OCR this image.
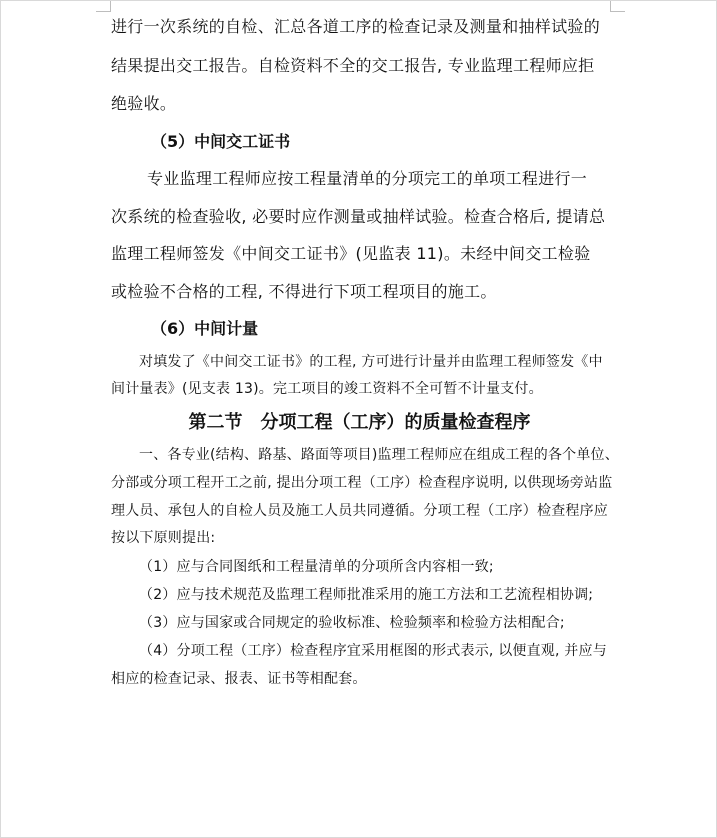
进行一次系统的自检、汇总各道工序的检查记录及测量和抽样试验的

结果提出交工报告。自检资料不全的交工报告, 专业监理工程师应拒

绝验收。

（5）中间交工证书

专业监理工程师应按工程量清单的分项完工的单项工程进行一

次系统的检查验收, 必要时应作测量或抽样试验。检查合格后, 提请总

监理工程师签发《中间交工证书》(见监表 11)。未经中间交工检验

或检验不合格的工程, 不得进行下项工程项目的施工。

（6）中间计量

对填发了《中间交工证书》的工程, 方可进行计量并由监理工程师签发《中

间计量表》(见支表 13)。完工项目的竣工资料不全可暂不计量支付。

第二节　分项工程（工序）的质量检查程序

一、各专业(结构、路基、路面等项目)监理工程师应在组成工程的各个单位、

分部或分项工程开工之前, 提出分项工程（工序）检查程序说明, 以供现场旁站监

理人员、承包人的自检人员及施工人员共同遵循。分项工程（工序）检查程序应

按以下原则提出:

（1）应与合同图纸和工程量清单的分项所含内容相一致;

（2）应与技术规范及监理工程师批准采用的施工方法和工艺流程相协调;

（3）应与国家或合同规定的验收标准、检验频率和检验方法相配合;

（4）分项工程（工序）检查程序宜采用框图的形式表示, 以便直观, 并应与

相应的检查记录、报表、证书等相配套。
